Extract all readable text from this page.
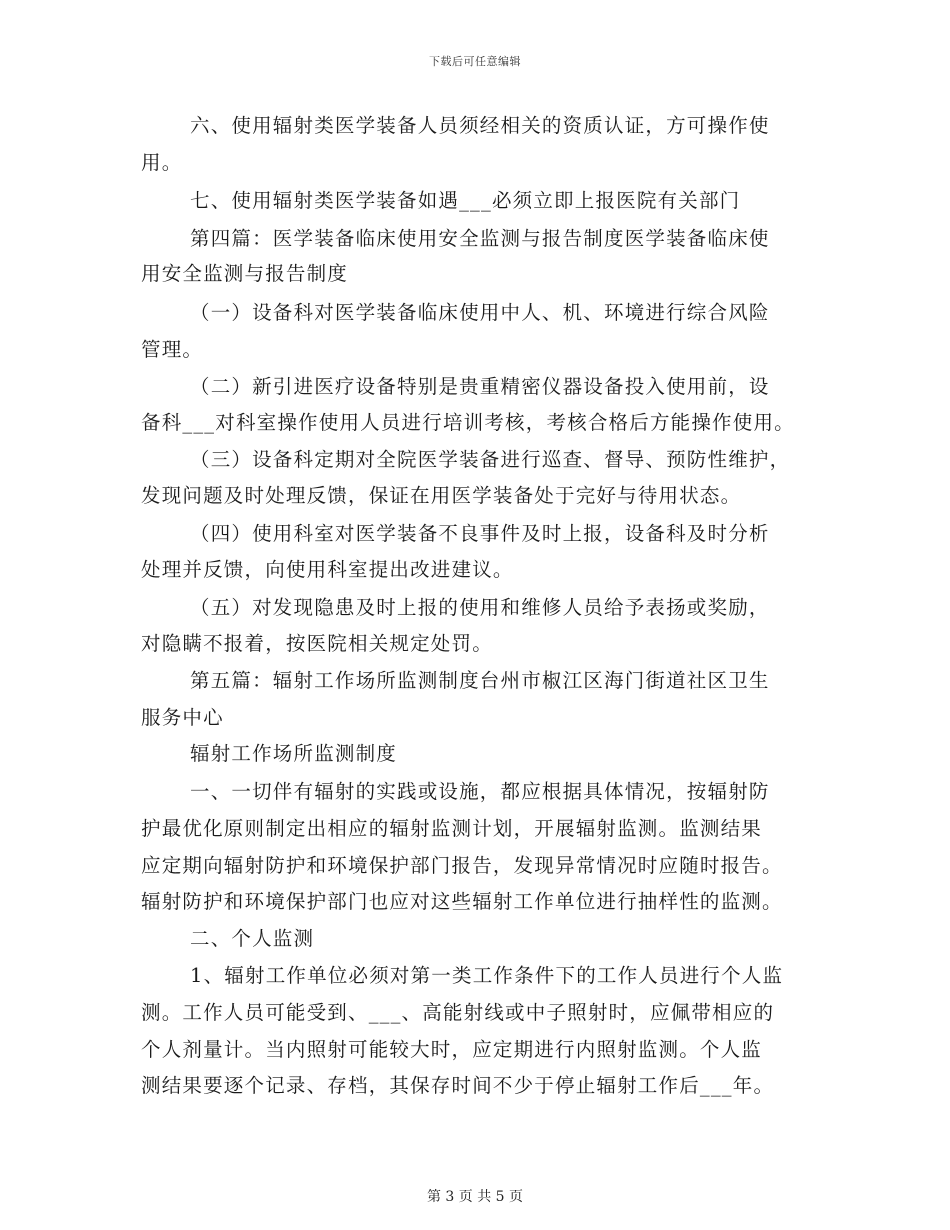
下载后可任意编辑
六、使用辐射类医学装备人员须经相关的资质认证，方可操作使
用。
七、使用辐射类医学装备如遇___必须立即上报医院有关部门
第四篇：医学装备临床使用安全监测与报告制度医学装备临床使
用安全监测与报告制度
（一）设备科对医学装备临床使用中人、机、环境进行综合风险
管理。
（二）新引进医疗设备特别是贵重精密仪器设备投入使用前，设
备科___对科室操作使用人员进行培训考核，考核合格后方能操作使用。
（三）设备科定期对全院医学装备进行巡查、督导、预防性维护，
发现问题及时处理反馈，保证在用医学装备处于完好与待用状态。
（四）使用科室对医学装备不良事件及时上报，设备科及时分析
处理并反馈，向使用科室提出改进建议。
（五）对发现隐患及时上报的使用和维修人员给予表扬或奖励，
对隐瞒不报着，按医院相关规定处罚。
第五篇：辐射工作场所监测制度台州市椒江区海门街道社区卫生
服务中心
辐射工作场所监测制度
一、一切伴有辐射的实践或设施，都应根据具体情况，按辐射防
护最优化原则制定出相应的辐射监测计划，开展辐射监测。监测结果
应定期向辐射防护和环境保护部门报告，发现异常情况时应随时报告。
辐射防护和环境保护部门也应对这些辐射工作单位进行抽样性的监测。
二、个人监测
1、辐射工作单位必须对第一类工作条件下的工作人员进行个人监
测。工作人员可能受到、___、高能射线或中子照射时，应佩带相应的
个人剂量计。当内照射可能较大时，应定期进行内照射监测。个人监
测结果要逐个记录、存档，其保存时间不少于停止辐射工作后___年。
第 3 页 共 5 页
